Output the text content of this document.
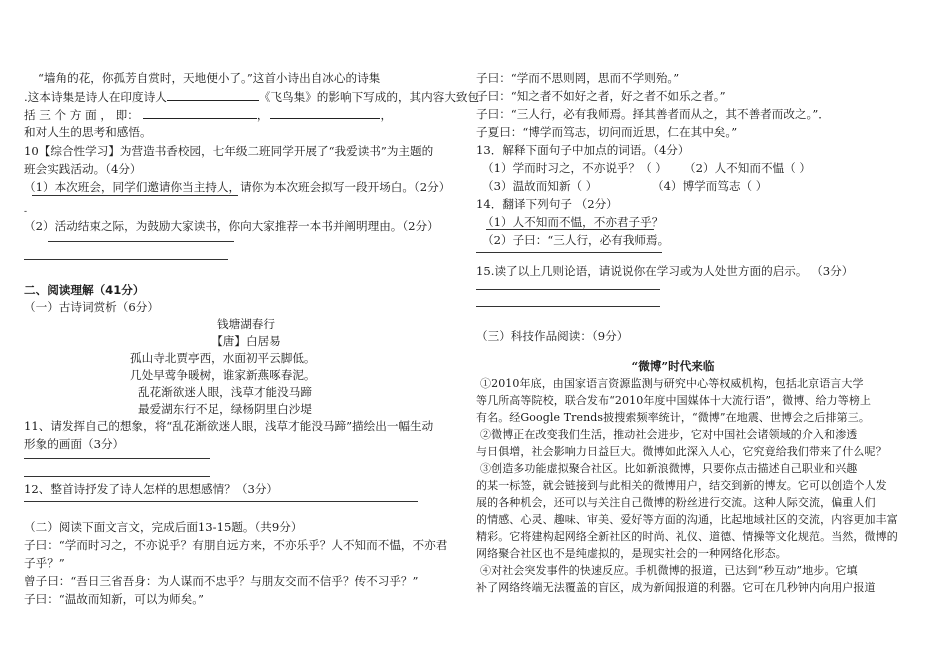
“墙角的花，你孤芳自赏时，天地便小了。”这首小诗出自冰心的诗集
.这本诗集是诗人在印度诗人	《飞鸟集》的影响下写成的，其内容大致包
括 三 个 方 面 ， 即：	，	，
和对人生的思考和感悟。
10【综合性学习】为营造书香校园，七年级二班同学开展了“我爱读书”为主题的
班会实践活动。（4分）
（1）本次班会，同学们邀请你当主持人，请你为本次班会拟写一段开场白。（2分）
-
（2）活动结束之际，为鼓励大家读书，你向大家推荐一本书并阐明理由。（2分）
二、阅读理解（41分）
（一）古诗词赏析（6分）
钱塘湖春行
【唐】白居易
孤山寺北贾亭西，水面初平云脚低。
几处早莺争暖树，谁家新燕啄春泥。
乱花渐欲迷人眼，浅草才能没马蹄
最爱湖东行不足，绿杨阴里白沙堤
11、请发挥自己的想象，将“乱花渐欲迷人眼，浅草才能没马蹄”描绘出一幅生动
形象的画面（3分）
12、整首诗抒发了诗人怎样的思想感情？（3分）
（二）阅读下面文言文，完成后面13-15题。（共9分）
子曰：“学而时习之，不亦说乎？有朋自远方来，不亦乐乎？人不知而不愠，不亦君
子乎？”
曾子曰：“吾日三省吾身：为人谋而不忠乎？与朋友交而不信乎？传不习乎？”
子曰：“温故而知新，可以为师矣。”
子曰：“学而不思则罔，思而不学则殆。”
子曰：“知之者不如好之者，好之者不如乐之者。”
子曰：“三人行，必有我师焉。择其善者而从之，其不善者而改之。”．
子夏曰：“博学而笃志，切问而近思，仁在其中矣。”
13．解释下面句子中加点的词语。（4分）
（1）学而时习之，不亦说乎？（ ） （2）人不知而不愠（ ）
（3）温故而知新（ ）	（4）博学而笃志（ ）
14．翻译下列句子 （2分）
（1）人不知而不愠，不亦君子乎？
（2）子曰：“三人行，必有我师焉。
15.读了以上几则论语，请说说你在学习或为人处世方面的启示。 （3分）
（三）科技作品阅读：（9分）
“微博”时代来临
①2010年底，由国家语言资源监测与研究中心等权威机构，包括北京语言大学
等几所高等院校，联合发布“2010年度中国媒体十大流行语”，微博、给力等榜上
有名。经Google Trends披搜索频率统计，“微博”在地震、世博会之后排第三。
②微博正在改变我们生活，推动社会进步，它对中国社会诸领域的介入和渗透
与日俱增，社会影响力日益巨大。微博如此深入人心，它究竟给我们带来了什么呢？
③创造多功能虚拟聚合社区。比如新浪微博，只要你点击描述自己职业和兴趣
的某一标签，就会链接到与此相关的微博用户，结交到新的博友。它可以创造个人发
展的各种机会，还可以与关注自己微博的粉丝进行交流。这种人际交流，偏重人们
的情感、心灵、趣味、审美、爱好等方面的沟通，比起地域社区的交流，内容更加丰富
精彩。它将建构起网络全新社区的时尚、礼仪、道德、情操等文化规范。当然，微博的
网络聚合社区也不是纯虚拟的，是现实社会的一种网络化形态。
④对社会突发事件的快速反应。手机微博的报道，已达到“秒互动”地步。它填
补了网络终端无法覆盖的盲区，成为新闻报道的利器。它可在几秒钟内向用户报道
